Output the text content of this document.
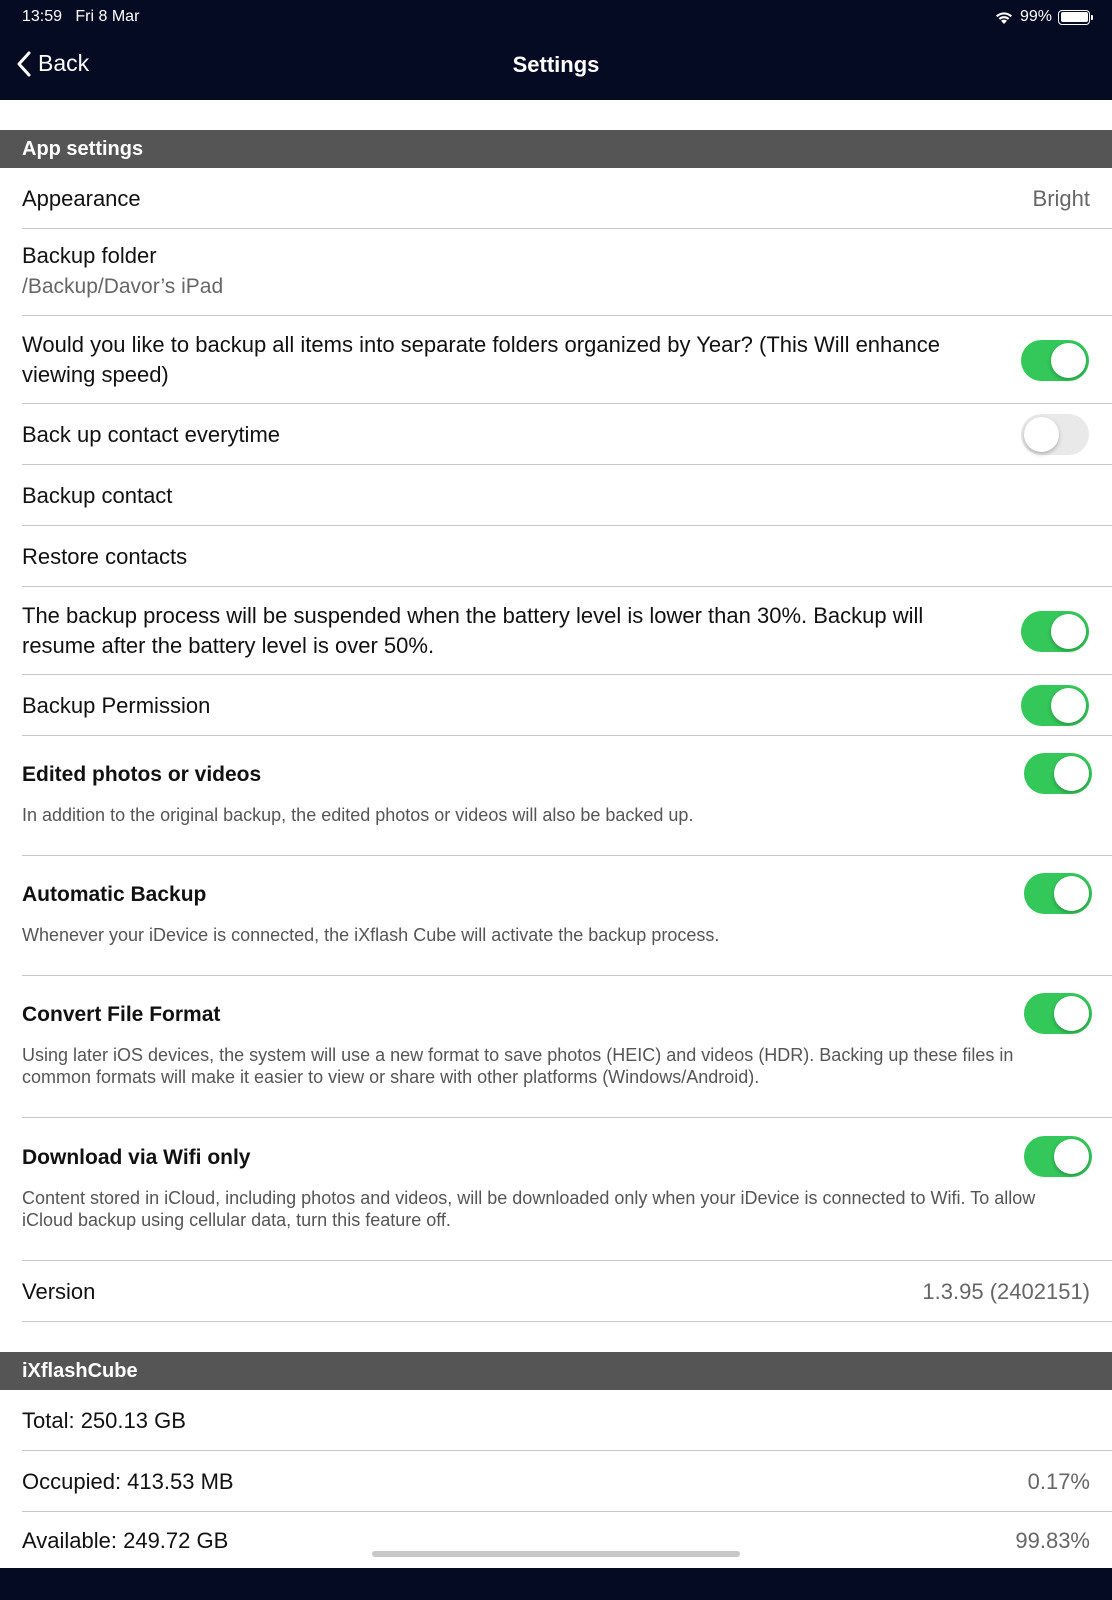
13:59 Fri 8 Mar	99%
Back	Settings
App settings
Appearance	Bright
Backup folder
/Backup/Davor’s iPad
Would you like to backup all items into separate folders organized by Year? (This Will enhance viewing speed)
Back up contact everytime
Backup contact
Restore contacts
The backup process will be suspended when the battery level is lower than 30%. Backup will resume after the battery level is over 50%.
Backup Permission
Edited photos or videos
In addition to the original backup, the edited photos or videos will also be backed up.
Automatic Backup
Whenever your iDevice is connected, the iXflash Cube will activate the backup process.
Convert File Format
Using later iOS devices, the system will use a new format to save photos (HEIC) and videos (HDR). Backing up these files in common formats will make it easier to view or share with other platforms (Windows/Android).
Download via Wifi only
Content stored in iCloud, including photos and videos, will be downloaded only when your iDevice is connected to Wifi. To allow iCloud backup using cellular data, turn this feature off.
Version	1.3.95 (2402151)
iXflashCube
Total: 250.13 GB
Occupied: 413.53 MB	0.17%
Available: 249.72 GB	99.83%
